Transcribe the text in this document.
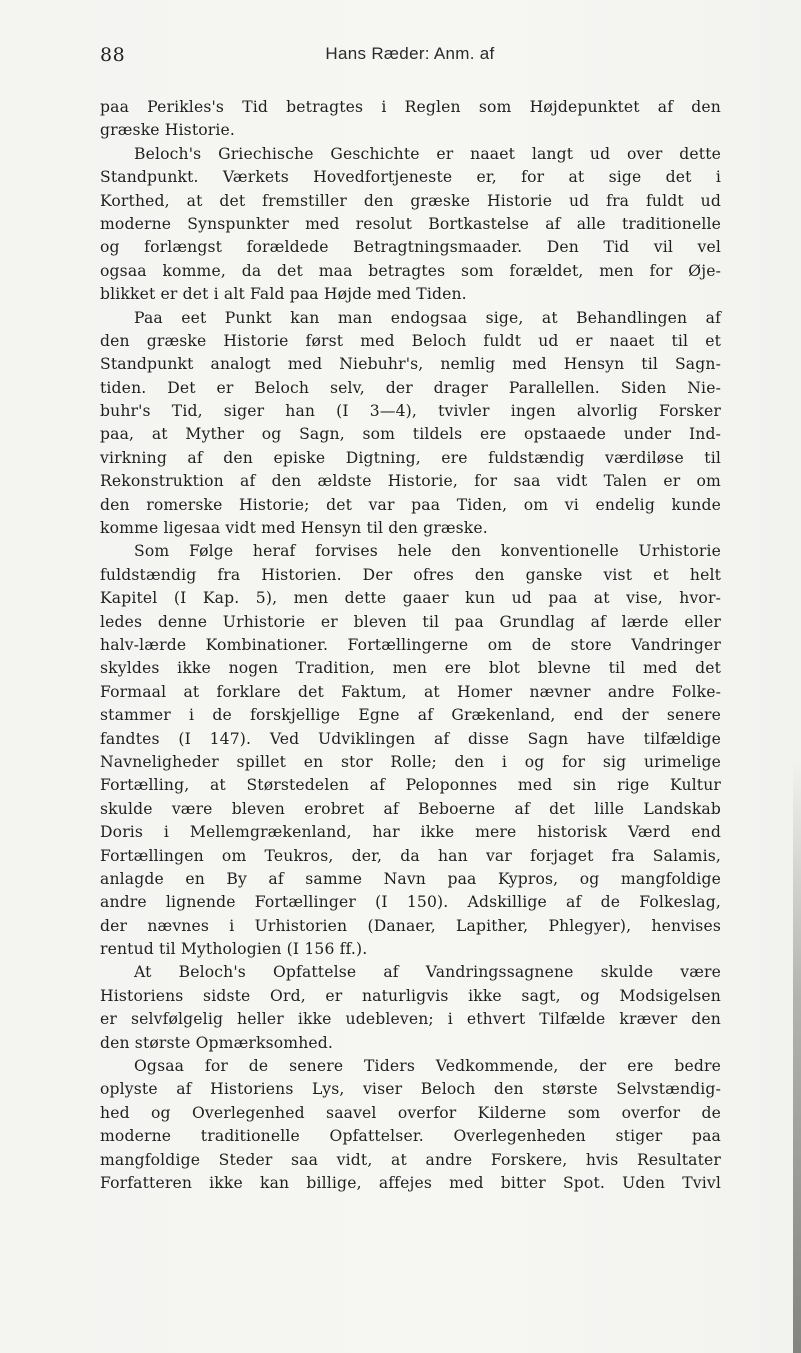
88	Hans Ræder: Anm. af
paa Perikles's Tid betragtes i Reglen som Højdepunktet af den
græske Historie.
Beloch's Griechische Geschichte er naaet langt ud over dette
Standpunkt. Værkets Hovedfortjeneste er, for at sige det i
Korthed, at det fremstiller den græske Historie ud fra fuldt ud
moderne Synspunkter med resolut Bortkastelse af alle traditionelle
og forlængst forældede Betragtningsmaader. Den Tid vil vel
ogsaa komme, da det maa betragtes som forældet, men for Øje-
blikket er det i alt Fald paa Højde med Tiden.
Paa eet Punkt kan man endogsaa sige, at Behandlingen af
den græske Historie først med Beloch fuldt ud er naaet til et
Standpunkt analogt med Niebuhr's, nemlig med Hensyn til Sagn-
tiden. Det er Beloch selv, der drager Parallellen. Siden Nie-
buhr's Tid, siger han (I 3—4), tvivler ingen alvorlig Forsker
paa, at Myther og Sagn, som tildels ere opstaaede under Ind-
virkning af den episke Digtning, ere fuldstændig værdiløse til
Rekonstruktion af den ældste Historie, for saa vidt Talen er om
den romerske Historie; det var paa Tiden, om vi endelig kunde
komme ligesaa vidt med Hensyn til den græske.
Som Følge heraf forvises hele den konventionelle Urhistorie
fuldstændig fra Historien. Der ofres den ganske vist et helt
Kapitel (I Kap. 5), men dette gaaer kun ud paa at vise, hvor-
ledes denne Urhistorie er bleven til paa Grundlag af lærde eller
halv-lærde Kombinationer. Fortællingerne om de store Vandringer
skyldes ikke nogen Tradition, men ere blot blevne til med det
Formaal at forklare det Faktum, at Homer nævner andre Folke-
stammer i de forskjellige Egne af Grækenland, end der senere
fandtes (I 147). Ved Udviklingen af disse Sagn have tilfældige
Navneligheder spillet en stor Rolle; den i og for sig urimelige
Fortælling, at Størstedelen af Peloponnes med sin rige Kultur
skulde være bleven erobret af Beboerne af det lille Landskab
Doris i Mellemgrækenland, har ikke mere historisk Værd end
Fortællingen om Teukros, der, da han var forjaget fra Salamis,
anlagde en By af samme Navn paa Kypros, og mangfoldige
andre lignende Fortællinger (I 150). Adskillige af de Folkeslag,
der nævnes i Urhistorien (Danaer, Lapither, Phlegyer), henvises
rentud til Mythologien (I 156 ff.).
At Beloch's Opfattelse af Vandringssagnene skulde være
Historiens sidste Ord, er naturligvis ikke sagt, og Modsigelsen
er selvfølgelig heller ikke udebleven; i ethvert Tilfælde kræver den
den største Opmærksomhed.
Ogsaa for de senere Tiders Vedkommende, der ere bedre
oplyste af Historiens Lys, viser Beloch den største Selvstændig-
hed og Overlegenhed saavel overfor Kilderne som overfor de
moderne traditionelle Opfattelser. Overlegenheden stiger paa
mangfoldige Steder saa vidt, at andre Forskere, hvis Resultater
Forfatteren ikke kan billige, affejes med bitter Spot. Uden Tvivl
